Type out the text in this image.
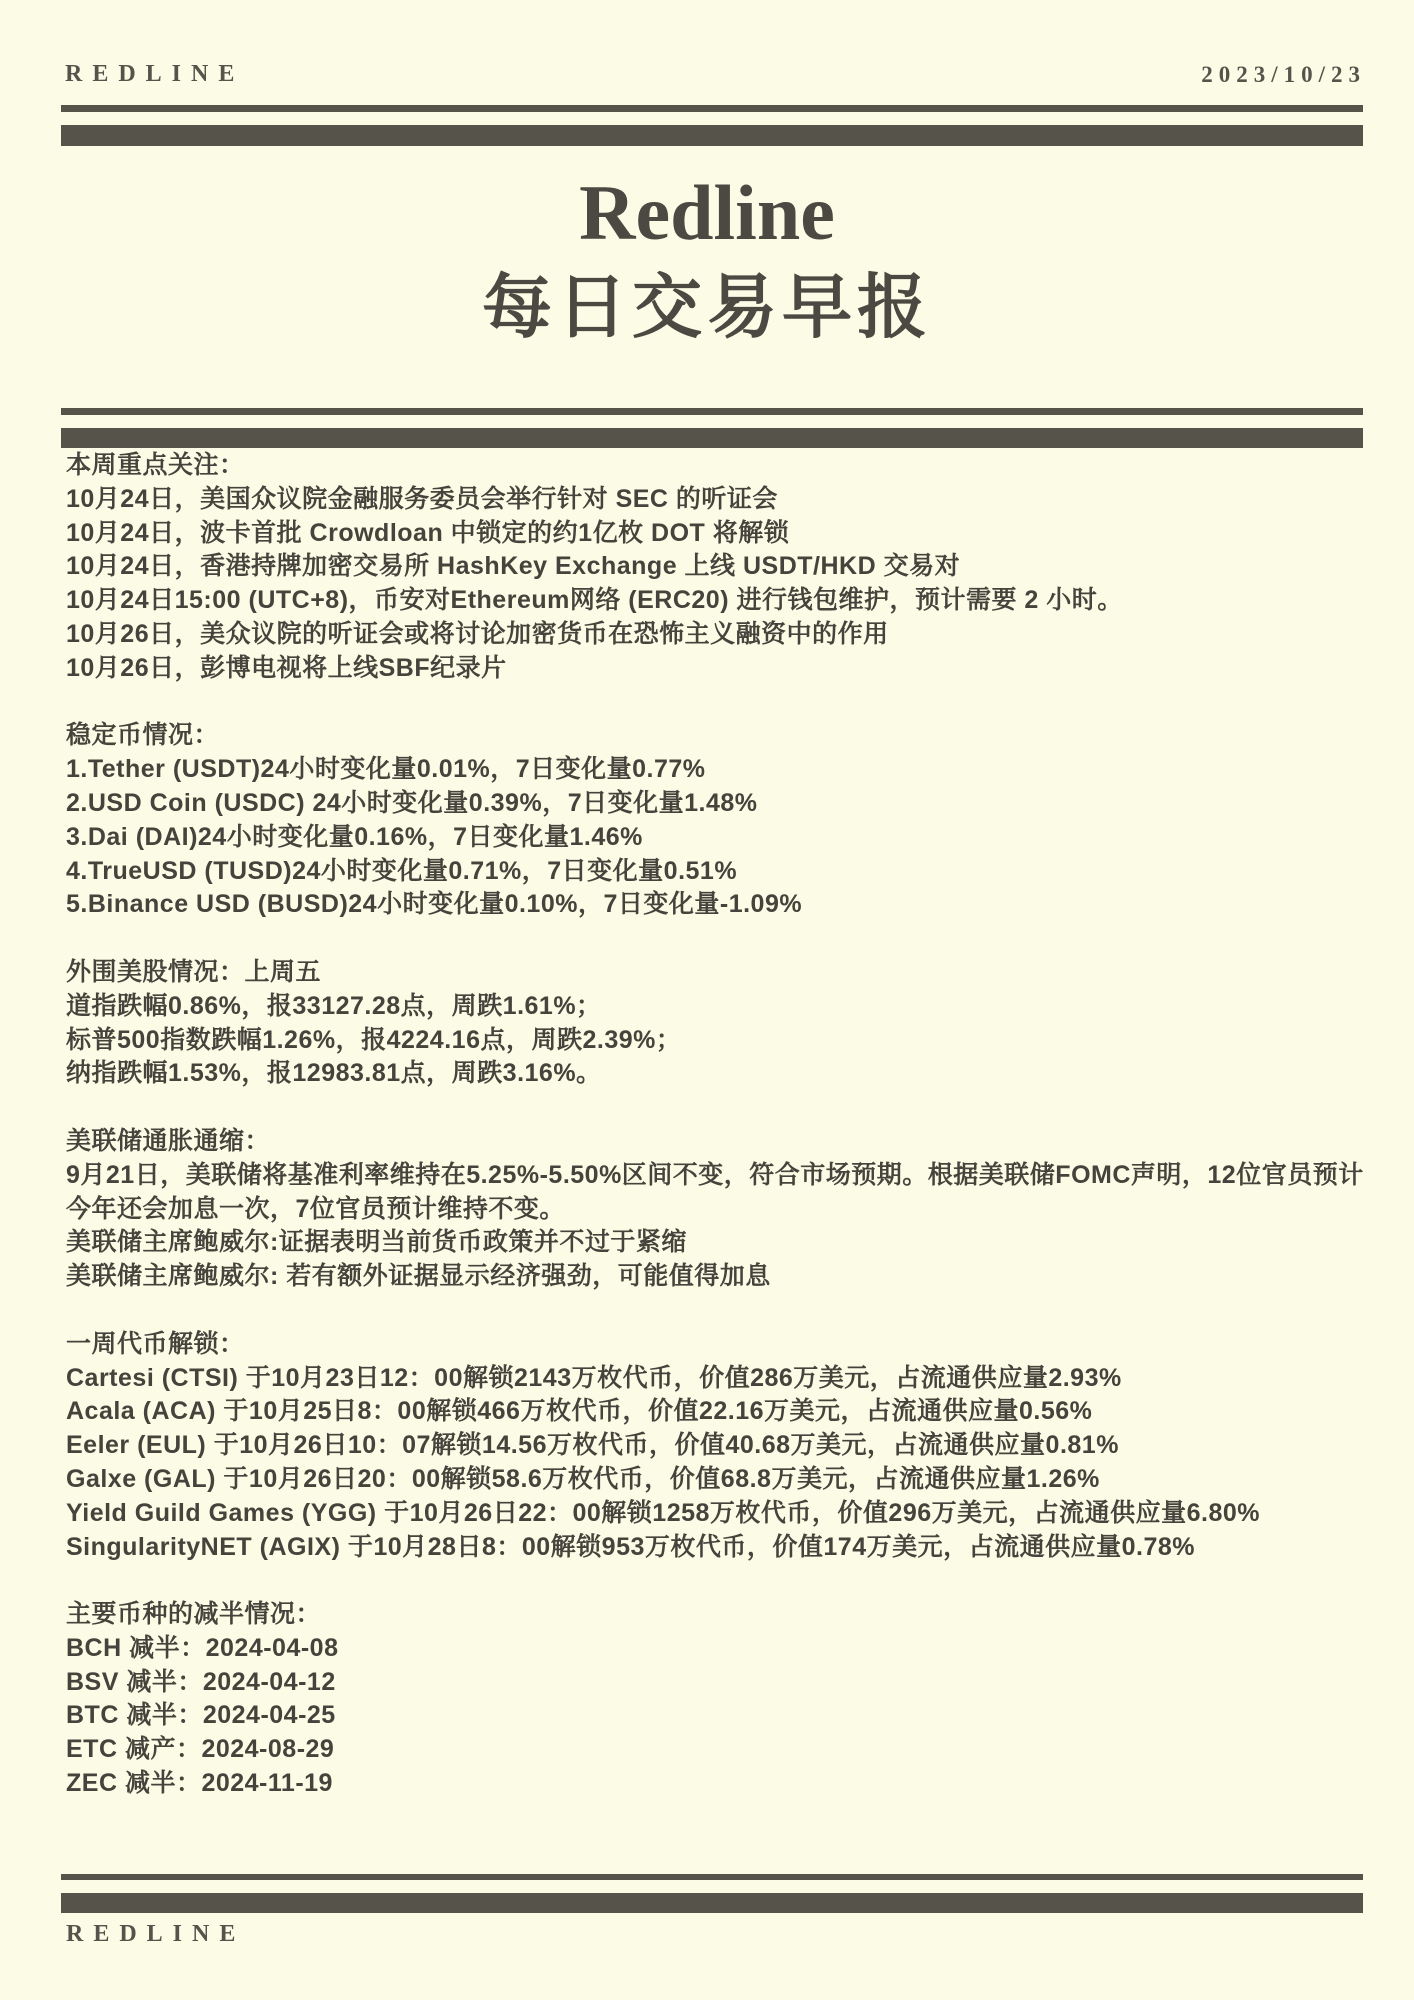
REDLINE	2023/10/23
Redline
每日交易早报

本周重点关注：

10月24日，美国众议院金融服务委员会举行针对 SEC 的听证会

10月24日，波卡首批 Crowdloan 中锁定的约1亿枚 DOT 将解锁

10月24日，香港持牌加密交易所 HashKey Exchange 上线 USDT/HKD 交易对

10月24日15:00 (UTC+8)，币安对Ethereum网络 (ERC20) 进行钱包维护，预计需要 2 小时。

10月26日，美众议院的听证会或将讨论加密货币在恐怖主义融资中的作用

10月26日，彭博电视将上线SBF纪录片

稳定币情况：

1.Tether (USDT)24小时变化量0.01%，7日变化量0.77%

2.USD Coin (USDC) 24小时变化量0.39%，7日变化量1.48%

3.Dai (DAI)24小时变化量0.16%，7日变化量1.46%

4.TrueUSD (TUSD)24小时变化量0.71%，7日变化量0.51%

5.Binance USD (BUSD)24小时变化量0.10%，7日变化量-1.09%

外围美股情况：上周五

道指跌幅0.86%，报33127.28点，周跌1.61%；

标普500指数跌幅1.26%，报4224.16点，周跌2.39%；

纳指跌幅1.53%，报12983.81点，周跌3.16%。

美联储通胀通缩：

9月21日，美联储将基准利率维持在5.25%-5.50%区间不变，符合市场预期。根据美联储FOMC声明，12位官员预计今年还会加息一次，7位官员预计维持不变。

美联储主席鲍威尔:证据表明当前货币政策并不过于紧缩

美联储主席鲍威尔: 若有额外证据显示经济强劲，可能值得加息

一周代币解锁：

Cartesi (CTSI) 于10月23日12：00解锁2143万枚代币，价值286万美元，占流通供应量2.93%

Acala (ACA) 于10月25日8：00解锁466万枚代币，价值22.16万美元，占流通供应量0.56%

Eeler (EUL) 于10月26日10：07解锁14.56万枚代币，价值40.68万美元，占流通供应量0.81%

Galxe (GAL) 于10月26日20：00解锁58.6万枚代币，价值68.8万美元，占流通供应量1.26%

Yield Guild Games (YGG) 于10月26日22：00解锁1258万枚代币，价值296万美元，占流通供应量6.80%

SingularityNET (AGIX) 于10月28日8：00解锁953万枚代币，价值174万美元，占流通供应量0.78%

主要币种的减半情况：

BCH 减半：2024-04-08

BSV 减半：2024-04-12

BTC 减半：2024-04-25

ETC 减产：2024-08-29

ZEC 减半：2024-11-19

REDLINE
